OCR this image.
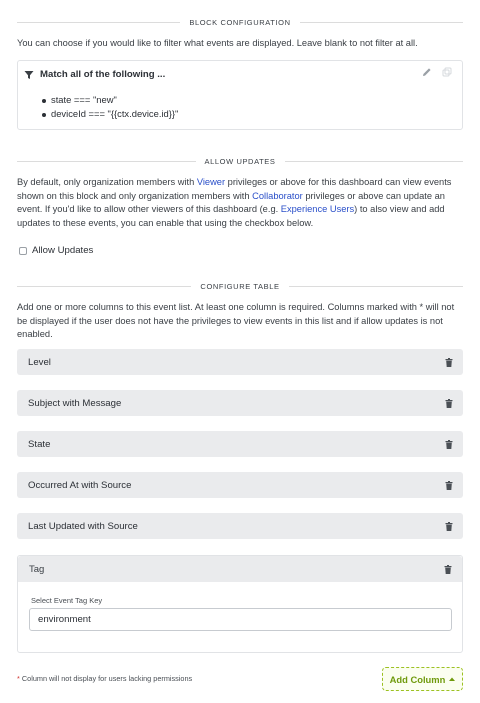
BLOCK CONFIGURATION
You can choose if you would like to filter what events are displayed. Leave blank to not filter at all.
Match all of the following ...
state === "new"
deviceId === "{{ctx.device.id}}"
ALLOW UPDATES
By default, only organization members with Viewer privileges or above for this dashboard can view events shown on this block and only organization members with Collaborator privileges or above can update an event. If you'd like to allow other viewers of this dashboard (e.g. Experience Users) to also view and add updates to these events, you can enable that using the checkbox below.
Allow Updates
CONFIGURE TABLE
Add one or more columns to this event list. At least one column is required. Columns marked with * will not be displayed if the user does not have the privileges to view events in this list and if allow updates is not enabled.
Level
Subject with Message
State
Occurred At with Source
Last Updated with Source
Tag
Select Event Tag Key
environment
* Column will not display for users lacking permissions	Add Column
